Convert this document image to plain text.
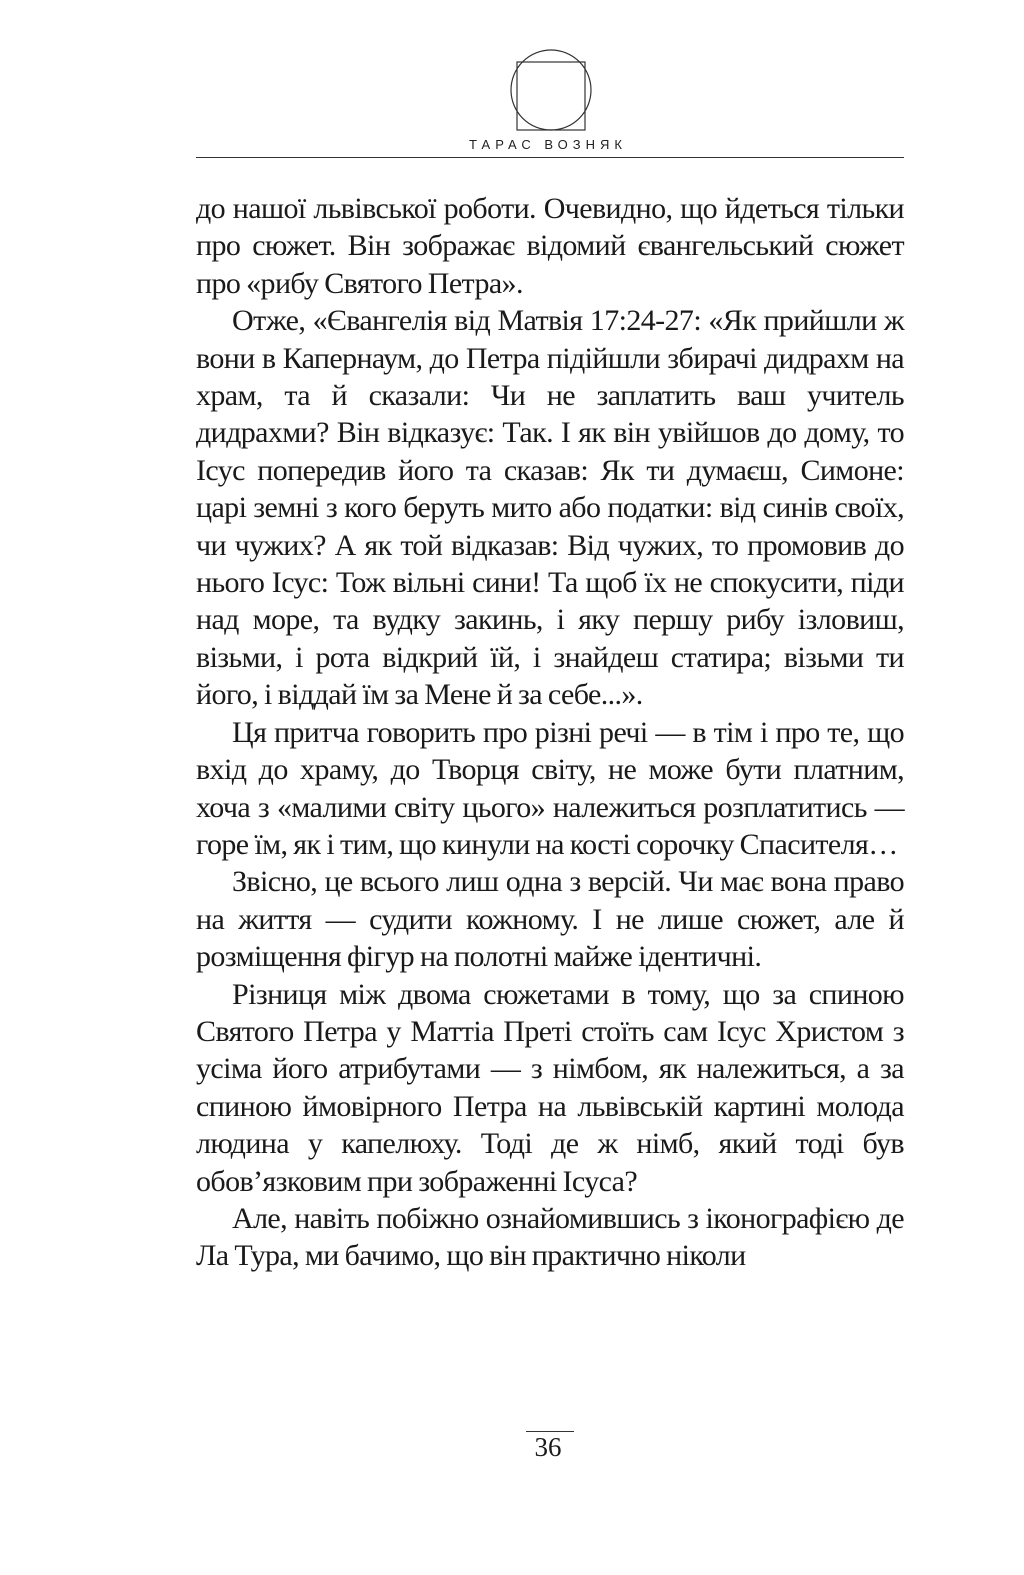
ТАРАС ВОЗНЯК

до нашої львівської роботи. Очевидно, що йдеться тільки про сюжет. Він зображає відомий євангельський сюжет про «рибу Святого Петра».

Отже, «Євангелія від Матвія 17:24-27: «Як прийшли ж вони в Капернаум, до Петра підійшли збирачі дидрахм на храм, та й сказали: Чи не заплатить ваш учитель дидрахми? Він відказує: Так. І як він увійшов до дому, то Ісус попередив його та сказав: Як ти думаєш, Симоне: царі земні з кого беруть мито або податки: від синів своїх, чи чужих? А як той відказав: Від чужих, то промовив до нього Ісус: Тож вільні сини! Та щоб їх не спокусити, піди над море, та вудку закинь, і яку першу рибу ізловиш, візьми, і рота відкрий їй, і знайдеш статира; візьми ти його, і віддай їм за Мене й за себе...».

Ця притча говорить про різні речі — в тім і про те, що вхід до храму, до Творця світу, не може бути платним, хоча з «малими світу цього» належиться розплатитись — горе їм, як і тим, що кинули на кості сорочку Спасителя…

Звісно, це всього лиш одна з версій. Чи має вона право на життя — судити кожному. І не лише сюжет, але й розміщення фігур на полотні майже ідентичні.

Різниця між двома сюжетами в тому, що за спиною Святого Петра у Маттіа Преті стоїть сам Ісус Христом з усіма його атрибутами — з німбом, як належиться, а за спиною ймовірного Петра на львівській картині молода людина у капелюху. Тоді де ж німб, який тоді був обов’язковим при зображенні Ісуса?

Але, навіть побіжно ознайомившись з іконографією де Ла Тура, ми бачимо, що він практично ніколи

36
